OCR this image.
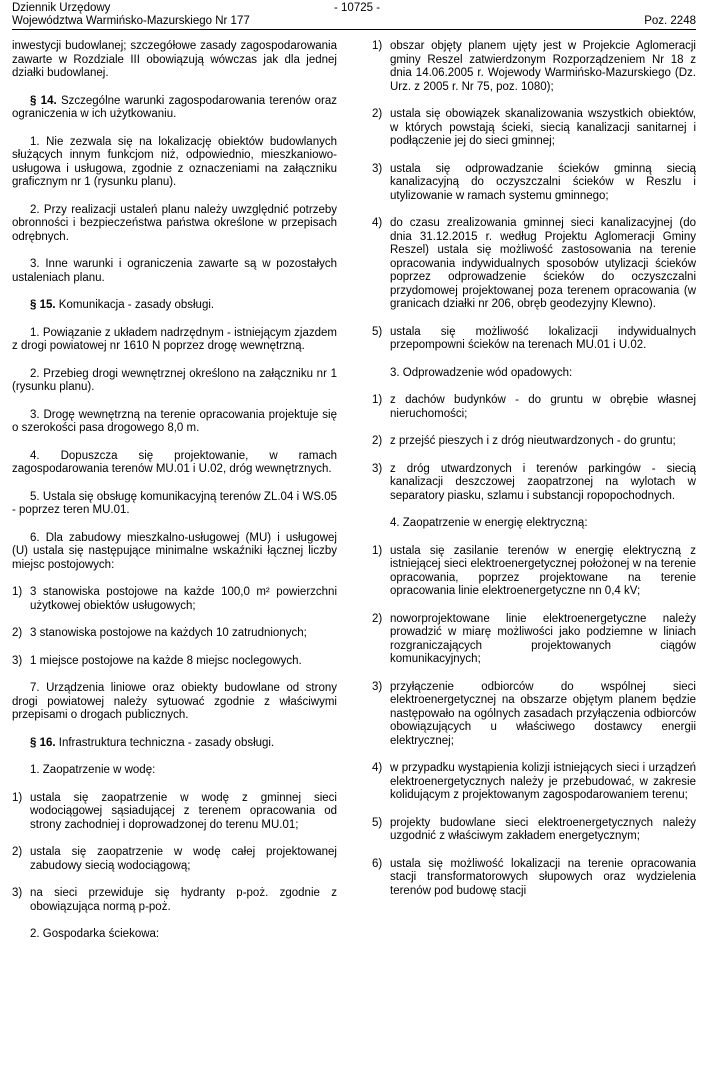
Dziennik Urzędowy	- 10725 -
Województwa Warmińsko-Mazurskiego Nr 177	Poz. 2248

inwestycji budowlanej; szczegółowe zasady zagospodarowania zawarte w Rozdziale III obowiązują wówczas jak dla jednej działki budowlanej.

§ 14. Szczególne warunki zagospodarowania terenów oraz ograniczenia w ich użytkowaniu.

1. Nie zezwala się na lokalizację obiektów budowlanych służących innym funkcjom niż, odpowiednio, mieszkaniowo-usługowa i usługowa, zgodnie z oznaczeniami na załączniku graficznym nr 1 (rysunku planu).

2. Przy realizacji ustaleń planu należy uwzględnić potrzeby obronności i bezpieczeństwa państwa określone w przepisach odrębnych.

3. Inne warunki i ograniczenia zawarte są w pozostałych ustaleniach planu.

§ 15. Komunikacja - zasady obsługi.

1. Powiązanie z układem nadrzędnym - istniejącym zjazdem z drogi powiatowej nr 1610 N poprzez drogę wewnętrzną.

2. Przebieg drogi wewnętrznej określono na załączniku nr 1 (rysunku planu).

3. Drogę wewnętrzną na terenie opracowania projektuje się o szerokości pasa drogowego 8,0 m.

4. Dopuszcza się projektowanie, w ramach zagospodarowania terenów MU.01 i U.02, dróg wewnętrznych.

5. Ustala się obsługę komunikacyjną terenów ZL.04 i WS.05 - poprzez teren MU.01.

6. Dla zabudowy mieszkalno-usługowej (MU) i usługowej (U) ustala się następujące minimalne wskaźniki łącznej liczby miejsc postojowych:

1) 3 stanowiska postojowe na każde 100,0 m² powierzchni użytkowej obiektów usługowych;
2) 3 stanowiska postojowe na każdych 10 zatrudnionych;
3) 1 miejsce postojowe na każde 8 miejsc noclegowych.

7. Urządzenia liniowe oraz obiekty budowlane od strony drogi powiatowej należy sytuować zgodnie z właściwymi przepisami o drogach publicznych.

§ 16. Infrastruktura techniczna - zasady obsługi.

1. Zaopatrzenie w wodę:

1) ustala się zaopatrzenie w wodę z gminnej sieci wodociągowej sąsiadującej z terenem opracowania od strony zachodniej i doprowadzonej do terenu MU.01;
2) ustala się zaopatrzenie w wodę całej projektowanej zabudowy siecią wodociągową;
3) na sieci przewiduje się hydranty p-poż. zgodnie z obowiązująca normą p-poż.

2. Gospodarka ściekowa:

1) obszar objęty planem ujęty jest w Projekcie Aglomeracji gminy Reszel zatwierdzonym Rozporządzeniem Nr 18 z dnia 14.06.2005 r. Wojewody Warmińsko-Mazurskiego (Dz. Urz. z 2005 r. Nr 75, poz. 1080);
2) ustala się obowiązek skanalizowania wszystkich obiektów, w których powstają ścieki, siecią kanalizacji sanitarnej i podłączenie jej do sieci gminnej;
3) ustala się odprowadzanie ścieków gminną siecią kanalizacyjną do oczyszczalni ścieków w Reszlu i utylizowanie w ramach systemu gminnego;
4) do czasu zrealizowania gminnej sieci kanalizacyjnej (do dnia 31.12.2015 r. według Projektu Aglomeracji Gminy Reszel) ustala się możliwość zastosowania na terenie opracowania indywidualnych sposobów utylizacji ścieków poprzez odprowadzenie ścieków do oczyszczalni przydomowej projektowanej poza terenem opracowania (w granicach działki nr 206, obręb geodezyjny Klewno).
5) ustala się możliwość lokalizacji indywidualnych przepompowni ścieków na terenach MU.01 i U.02.

3. Odprowadzenie wód opadowych:

1) z dachów budynków - do gruntu w obrębie własnej nieruchomości;
2) z przejść pieszych i z dróg nieutwardzonych - do gruntu;
3) z dróg utwardzonych i terenów parkingów - siecią kanalizacji deszczowej zaopatrzonej na wylotach w separatory piasku, szlamu i substancji ropopochodnych.

4. Zaopatrzenie w energię elektryczną:

1) ustala się zasilanie terenów w energię elektryczną z istniejącej sieci elektroenergetycznej położonej w na terenie opracowania, poprzez projektowane na terenie opracowania linie elektroenergetyczne nn 0,4 kV;
2) noworprojektowane linie elektroenergetyczne należy prowadzić w miarę możliwości jako podziemne w liniach rozgraniczających projektowanych ciągów komunikacyjnych;
3) przyłączenie odbiorców do wspólnej sieci elektroenergetycznej na obszarze objętym planem będzie następowało na ogólnych zasadach przyłączenia odbiorców obowiązujących u właściwego dostawcy energii elektrycznej;
4) w przypadku wystąpienia kolizji istniejących sieci i urządzeń elektroenergetycznych należy je przebudować, w zakresie kolidującym z projektowanym zagospodarowaniem terenu;
5) projekty budowlane sieci elektroenergetycznych należy uzgodnić z właściwym zakładem energetycznym;
6) ustala się możliwość lokalizacji na terenie opracowania stacji transformatorowych słupowych oraz wydzielenia terenów pod budowę stacji
